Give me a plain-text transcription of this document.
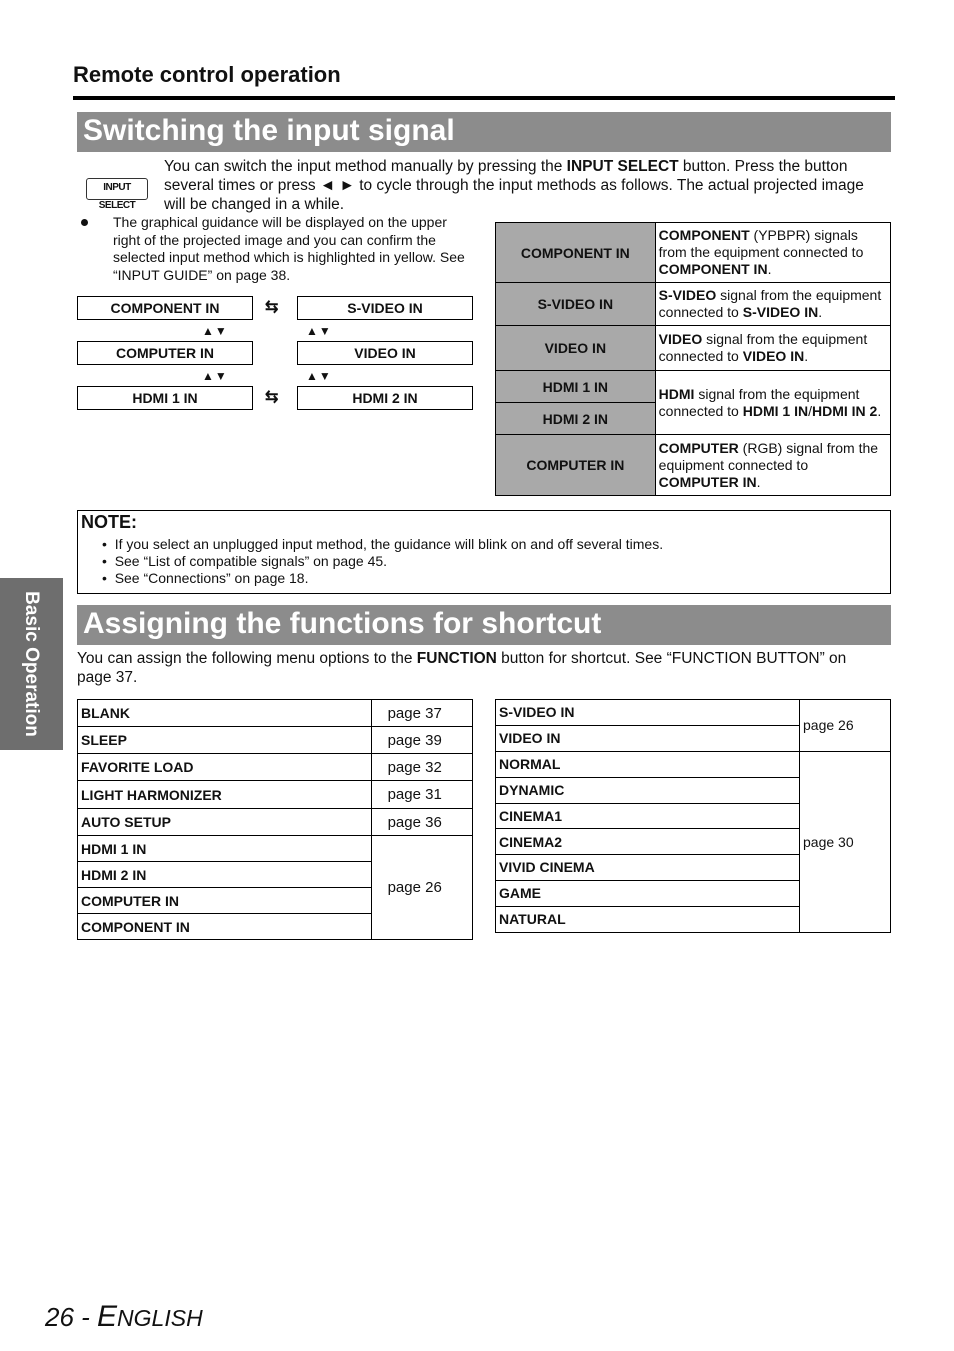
Remote control operation
Basic Operation
Switching the input signal
INPUT SELECT
You can switch the input method manually by pressing the INPUT SELECT button. Press the button
several times or press ◄ ► to cycle through the input methods as follows. The actual projected image
will be changed in a while.
The graphical guidance will be displayed on the upper
right of the projected image and you can confirm the
selected input method which is highlighted in yellow. See
“INPUT GUIDE” on page 38.
COMPONENT IN	⇆	S-VIDEO IN
▲▼	▲▼
COMPUTER IN	VIDEO IN
▲▼	▲▼
HDMI 1 IN	⇆	HDMI 2 IN
COMPONENT IN	COMPONENT (YPBPR) signals from the equipment connected to COMPONENT IN.
S-VIDEO IN	S-VIDEO signal from the equipment connected to S-VIDEO IN.
VIDEO IN	VIDEO signal from the equipment connected to VIDEO IN.
HDMI 1 IN	HDMI signal from the equipment connected to HDMI 1 IN/HDMI IN 2.
HDMI 2 IN	
COMPUTER IN	COMPUTER (RGB) signal from the equipment connected to COMPUTER IN.
NOTE:
•  If you select an unplugged input method, the guidance will blink on and off several times.
•  See “List of compatible signals” on page 45.
•  See “Connections” on page 18.
Assigning the functions for shortcut
You can assign the following menu options to the FUNCTION button for shortcut. See “FUNCTION BUTTON” on
page 37.
BLANK	page 37
SLEEP	page 39
FAVORITE LOAD	page 32
LIGHT HARMONIZER	page 31
AUTO SETUP	page 36
HDMI 1 IN	page 26
HDMI 2 IN	
COMPUTER IN	
COMPONENT IN	
S-VIDEO IN	page 26
VIDEO IN	
NORMAL	page 30
DYNAMIC	
CINEMA1	
CINEMA2	
VIVID CINEMA	
GAME	
NATURAL	
26 - ENGLISH
